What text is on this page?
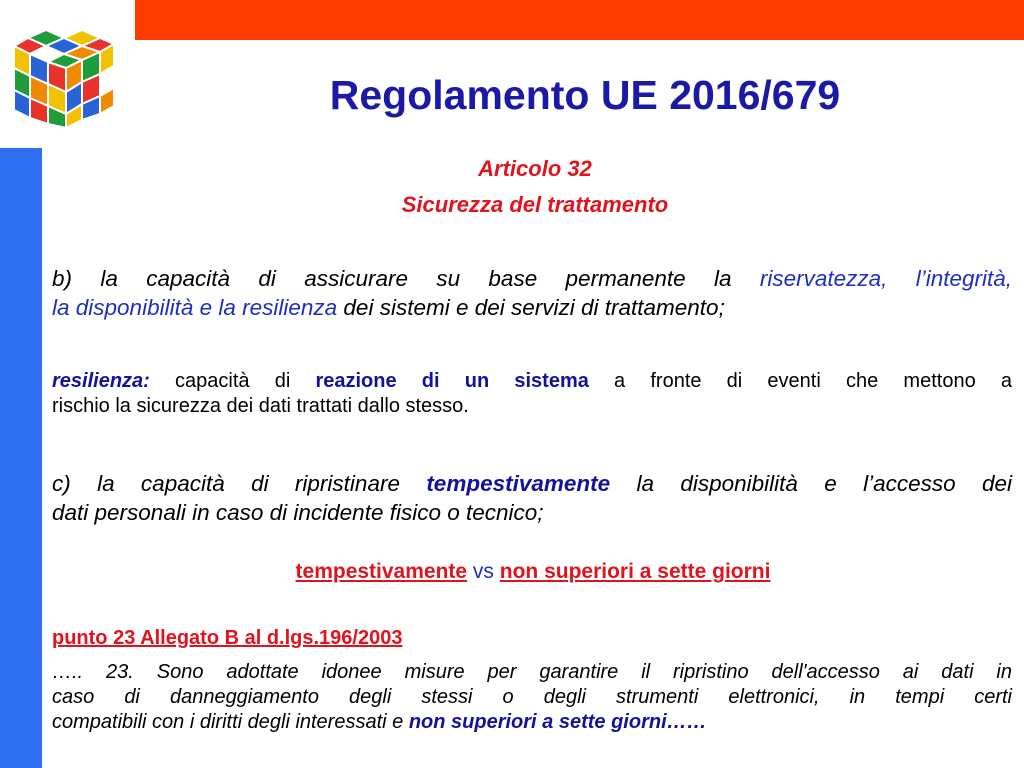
Regolamento UE 2016/679
Articolo 32
Sicurezza del trattamento
b) la capacità di assicurare su base permanente la riservatezza, l’integrità,
la disponibilità e la resilienza dei sistemi e dei servizi di trattamento;
resilienza: capacità di reazione di un sistema a fronte di eventi che mettono a
rischio la sicurezza dei dati trattati dallo stesso.
c) la capacità di ripristinare tempestivamente la disponibilità e l’accesso dei
dati personali in caso di incidente fisico o tecnico;
tempestivamente vs non superiori a sette giorni
punto 23 Allegato B al d.lgs.196/2003
….. 23. Sono adottate idonee misure per garantire il ripristino dell'accesso ai dati in
caso di danneggiamento degli stessi o degli strumenti elettronici, in tempi certi
compatibili con i diritti degli interessati e non superiori a sette giorni……
